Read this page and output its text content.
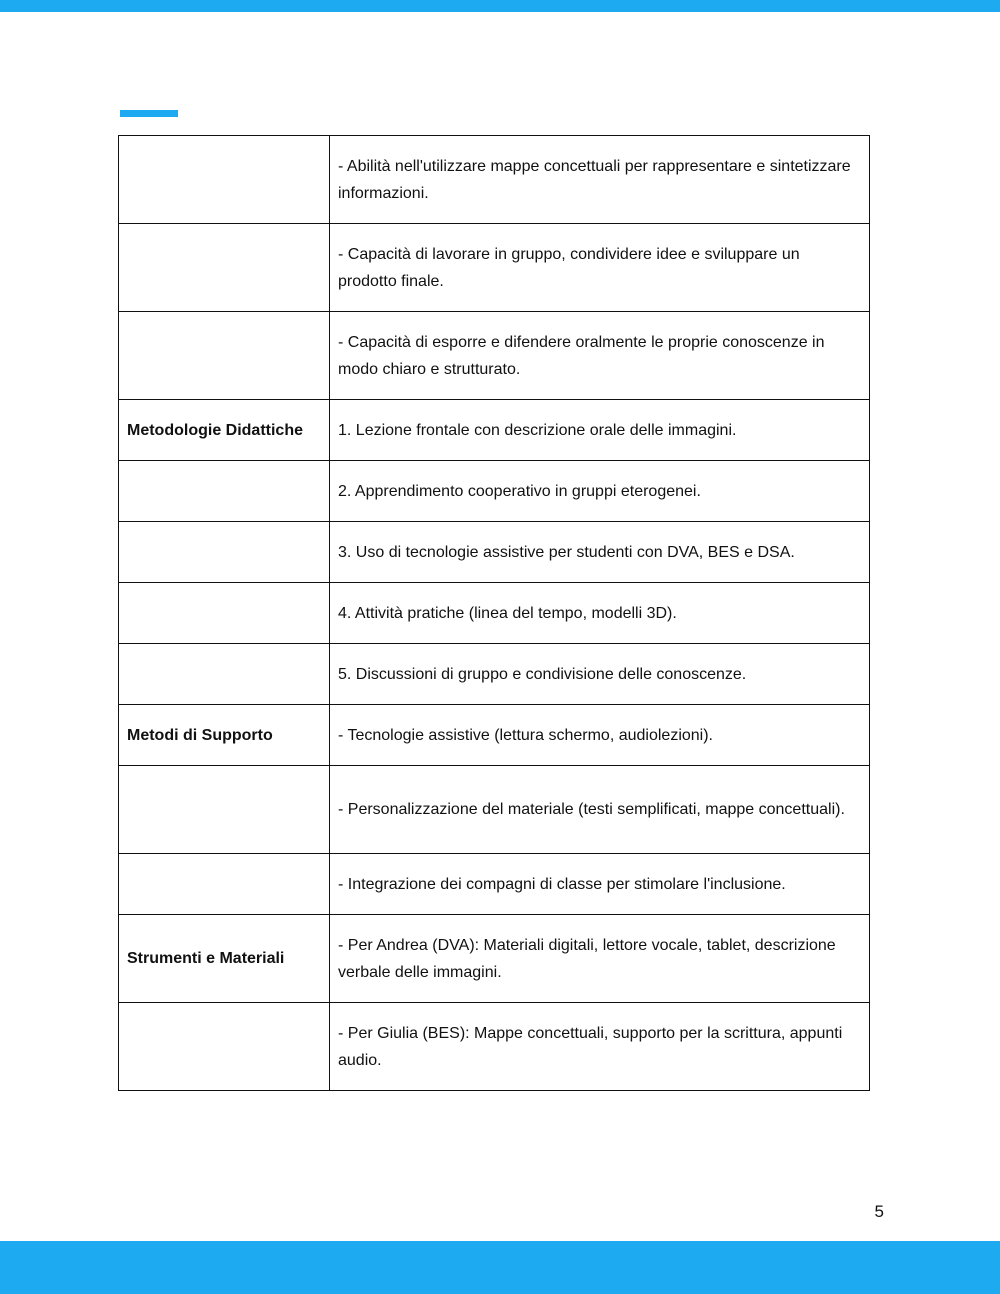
	- Abilità nell'utilizzare mappe concettuali per rappresentare e sintetizzare informazioni.
	- Capacità di lavorare in gruppo, condividere idee e sviluppare un prodotto finale.
	- Capacità di esporre e difendere oralmente le proprie conoscenze in modo chiaro e strutturato.
Metodologie Didattiche	1. Lezione frontale con descrizione orale delle immagini.
	2. Apprendimento cooperativo in gruppi eterogenei.
	3. Uso di tecnologie assistive per studenti con DVA, BES e DSA.
	4. Attività pratiche (linea del tempo, modelli 3D).
	5. Discussioni di gruppo e condivisione delle conoscenze.
Metodi di Supporto	- Tecnologie assistive (lettura schermo, audiolezioni).
	- Personalizzazione del materiale (testi semplificati, mappe concettuali).
	- Integrazione dei compagni di classe per stimolare l'inclusione.
Strumenti e Materiali	- Per Andrea (DVA): Materiali digitali, lettore vocale, tablet, descrizione verbale delle immagini.
	- Per Giulia (BES): Mappe concettuali, supporto per la scrittura, appunti audio.
5
